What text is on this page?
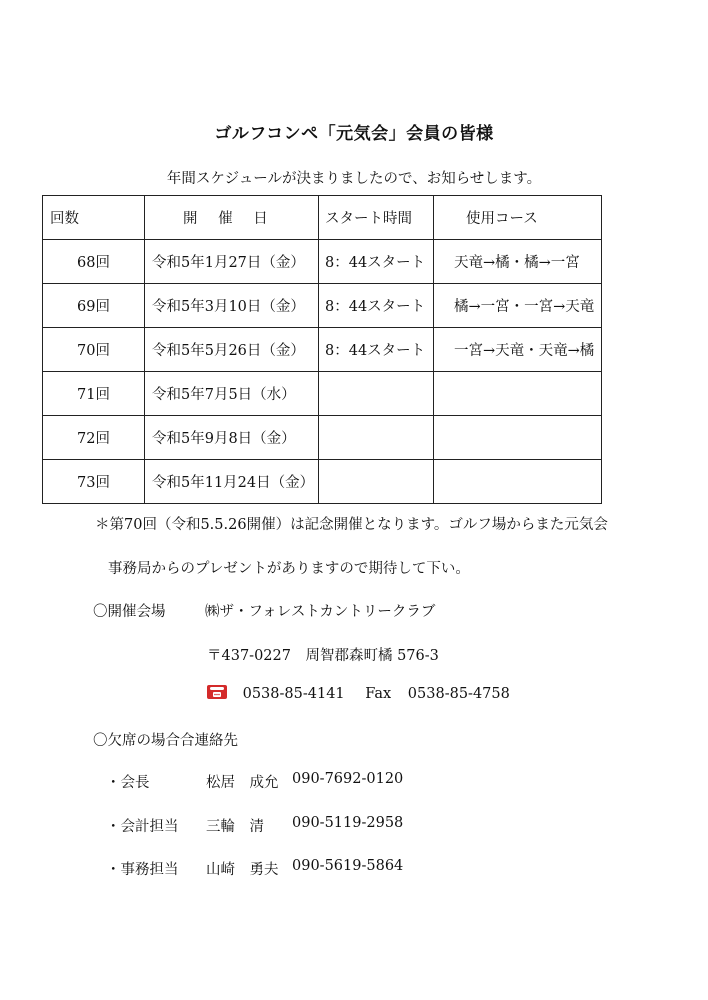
ゴルフコンペ「元気会」会員の皆様
年間スケジュールが決まりましたので、お知らせします。
回数	開 催 日	スタート時間	使用コース
68回	令和5年1月27日（金）	8：44スタート	天竜→橘・橘→一宮
69回	令和5年3月10日（金）	8：44スタート	橘→一宮・一宮→天竜
70回	令和5年5月26日（金）	8：44スタート	一宮→天竜・天竜→橘
71回	令和5年7月5日（水）		
72回	令和5年9月8日（金）		
73回	令和5年11月24日（金）		
＊第70回（令和5.5.26開催）は記念開催となります。ゴルフ場からまた元気会
事務局からのプレゼントがありますので期待して下い。
〇開催会場	㈱ザ・フォレストカントリークラブ
〒437-0227　周智郡森町橘 576-3
0538-85-4141 Fax 0538-85-4758
〇欠席の場合合連絡先
・会長	松居　成允 090-7692-0120
・会計担当 三輪　清 090-5119-2958
・事務担当 山崎　勇夫 090-5619-5864
